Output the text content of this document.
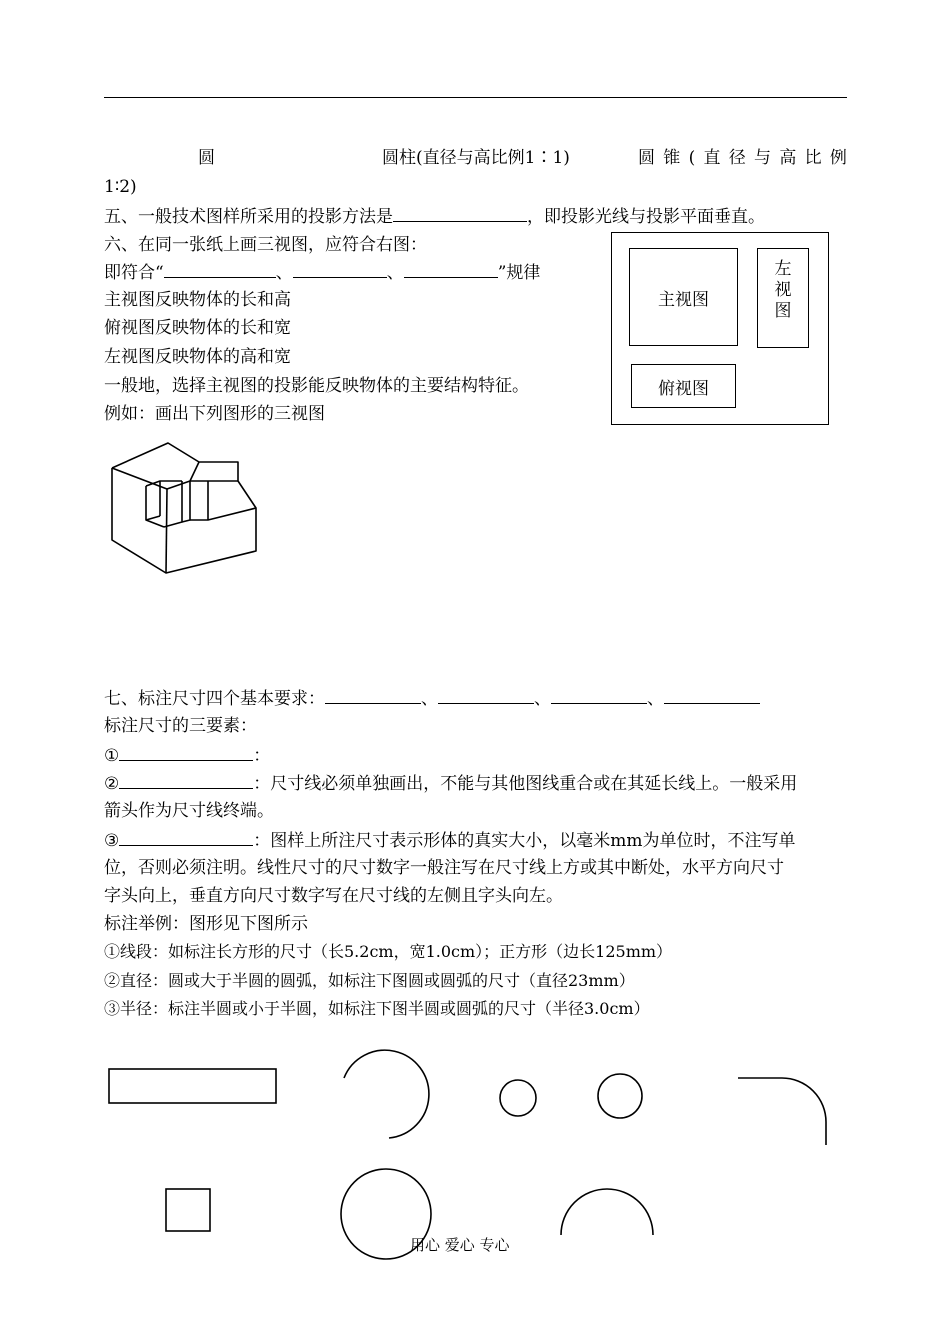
圆	圆柱(直径与高比例1∶1)	圆 锥 ( 直 径 与 高 比 例
1∶2)
五、一般技术图样所采用的投影方法是	，即投影光线与投影平面垂直。
六、在同一张纸上画三视图，应符合右图：
即符合“	、	、	”规律
主视图反映物体的长和高
俯视图反映物体的长和宽
左视图反映物体的高和宽
一般地，选择主视图的投影能反映物体的主要结构特征。
例如：画出下列图形的三视图
主视图
左
视
图
俯视图
七、标注尺寸四个基本要求：	、	、	、
标注尺寸的三要素：
①	：
②	：尺寸线必须单独画出，不能与其他图线重合或在其延长线上。一般采用
箭头作为尺寸线终端。
③	：图样上所注尺寸表示形体的真实大小，以毫米mm为单位时，不注写单
位，否则必须注明。线性尺寸的尺寸数字一般注写在尺寸线上方或其中断处，水平方向尺寸
字头向上，垂直方向尺寸数字写在尺寸线的左侧且字头向左。
标注举例：图形见下图所示
①线段：如标注长方形的尺寸（长5.2cm，宽1.0cm）；正方形（边长125mm）
②直径：圆或大于半圆的圆弧，如标注下图圆或圆弧的尺寸（直径23mm）
③半径：标注半圆或小于半圆，如标注下图半圆或圆弧的尺寸（半径3.0cm）
用心 爱心 专心
